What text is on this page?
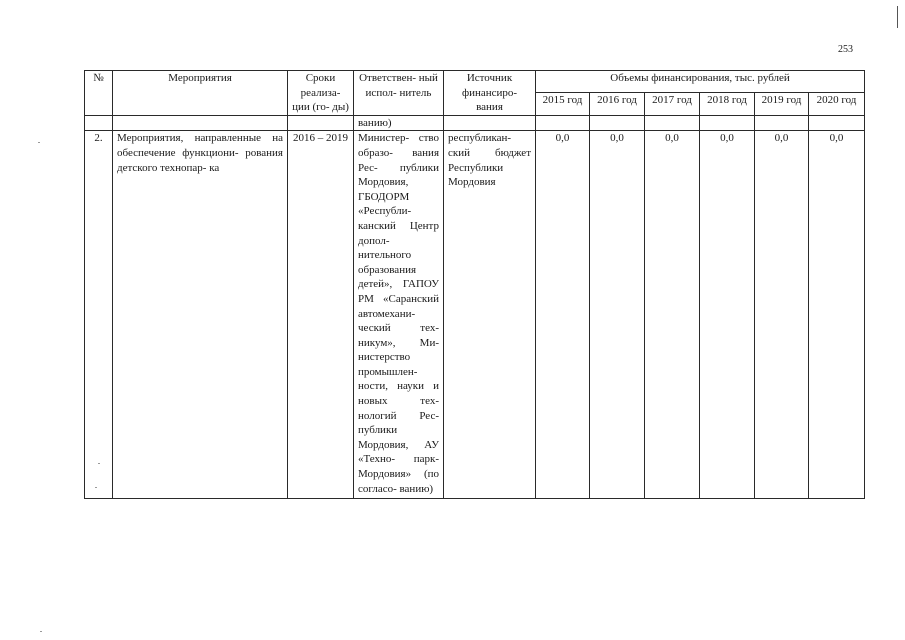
253
№	Мероприятия	Сроки реализа- ции (го- ды)	Ответствен- ный испол- нитель	Источник финансиро- вания	Объемы финансирования, тыс. рублей					
					2015 год	2016 год	2017 год	2018 год	2019 год	2020 год
			ванию)							
2.	Мероприятия, направленные на обеспечение функциони- рования детского технопар- ка	2016 – 2019	Министер- ство образо- вания Рес- публики Мордовия, ГБОДОРМ «Республи- канский Центр допол- нительного образования детей», ГАПОУ РМ «Саранский автомехани- ческий тех- никум», Ми- нистерство промышлен- ности, науки и новых тех- нологий Рес- публики Мордовия, АУ «Техно- парк- Мордовия» (по согласо- ванию)	республикан- ский бюджет Республики Мордовия	0,0	0,0	0,0	0,0	0,0	0,0
